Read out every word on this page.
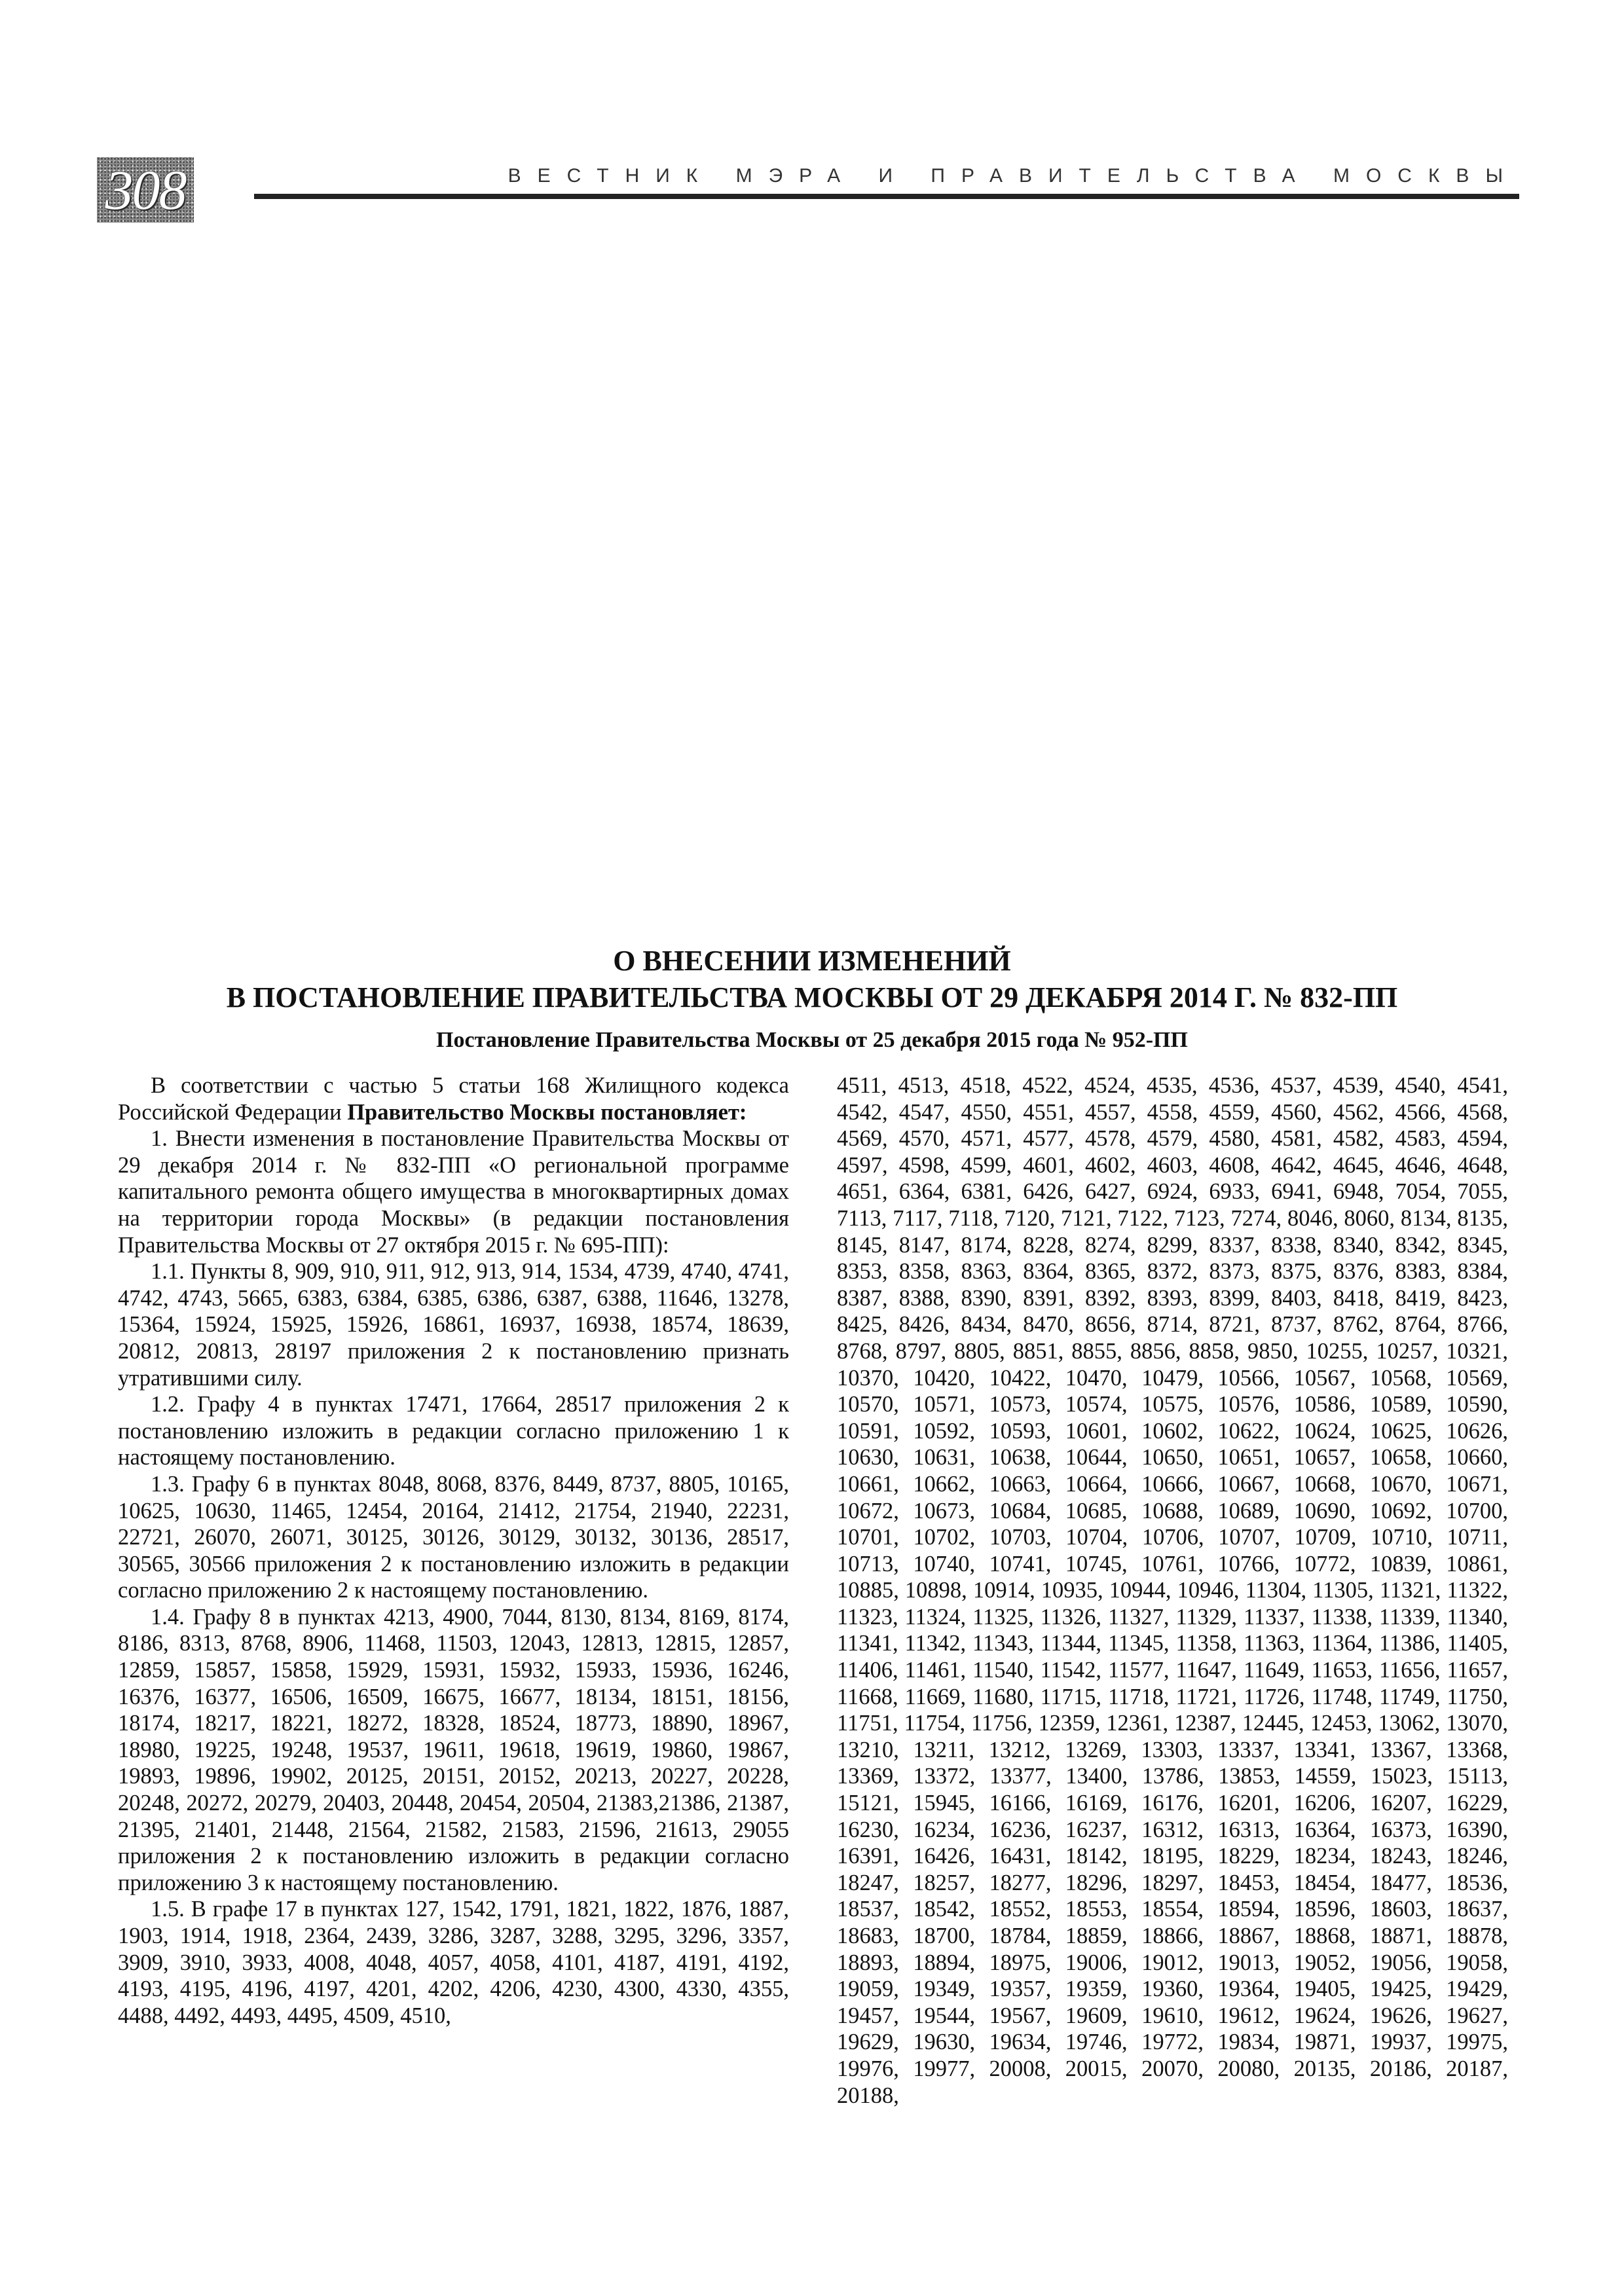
308	ВЕСТНИК МЭРА И ПРАВИТЕЛЬСТВА МОСКВЫ
О ВНЕСЕНИИ ИЗМЕНЕНИЙ
В ПОСТАНОВЛЕНИЕ ПРАВИТЕЛЬСТВА МОСКВЫ ОТ 29 ДЕКАБРЯ 2014 Г. № 832-ПП
Постановление Правительства Москвы от 25 декабря 2015 года № 952-ПП

В соответствии с частью 5 статьи 168 Жилищного кодекса Российской Федерации Правительство Москвы постановляет:

1. Внести изменения в постановление Правительства Москвы от 29 декабря 2014 г. № 832-ПП «О региональной программе капитального ремонта общего имущества в многоквартирных домах на территории города Москвы» (в редакции постановления Правительства Москвы от 27 октября 2015 г. № 695-ПП):

1.1. Пункты 8, 909, 910, 911, 912, 913, 914, 1534, 4739, 4740, 4741, 4742, 4743, 5665, 6383, 6384, 6385, 6386, 6387, 6388, 11646, 13278, 15364, 15924, 15925, 15926, 16861, 16937, 16938, 18574, 18639, 20812, 20813, 28197 приложения 2 к постановлению признать утратившими силу.

1.2. Графу 4 в пунктах 17471, 17664, 28517 приложения 2 к постановлению изложить в редакции согласно приложению 1 к настоящему постановлению.

1.3. Графу 6 в пунктах 8048, 8068, 8376, 8449, 8737, 8805, 10165, 10625, 10630, 11465, 12454, 20164, 21412, 21754, 21940, 22231, 22721, 26070, 26071, 30125, 30126, 30129, 30132, 30136, 28517, 30565, 30566 приложения 2 к постановлению изложить в редакции согласно приложению 2 к настоящему постановлению.

1.4. Графу 8 в пунктах 4213, 4900, 7044, 8130, 8134, 8169, 8174, 8186, 8313, 8768, 8906, 11468, 11503, 12043, 12813, 12815, 12857, 12859, 15857, 15858, 15929, 15931, 15932, 15933, 15936, 16246, 16376, 16377, 16506, 16509, 16675, 16677, 18134, 18151, 18156, 18174, 18217, 18221, 18272, 18328, 18524, 18773, 18890, 18967, 18980, 19225, 19248, 19537, 19611, 19618, 19619, 19860, 19867, 19893, 19896, 19902, 20125, 20151, 20152, 20213, 20227, 20228, 20248, 20272, 20279, 20403, 20448, 20454, 20504, 21383,21386, 21387, 21395, 21401, 21448, 21564, 21582, 21583, 21596, 21613, 29055 приложения 2 к постановлению изложить в редакции согласно приложению 3 к настоящему постановлению.

1.5. В графе 17 в пунктах 127, 1542, 1791, 1821, 1822, 1876, 1887, 1903, 1914, 1918, 2364, 2439, 3286, 3287, 3288, 3295, 3296, 3357, 3909, 3910, 3933, 4008, 4048, 4057, 4058, 4101, 4187, 4191, 4192, 4193, 4195, 4196, 4197, 4201, 4202, 4206, 4230, 4300, 4330, 4355, 4488, 4492, 4493, 4495, 4509, 4510,

4511, 4513, 4518, 4522, 4524, 4535, 4536, 4537, 4539, 4540, 4541, 4542, 4547, 4550, 4551, 4557, 4558, 4559, 4560, 4562, 4566, 4568, 4569, 4570, 4571, 4577, 4578, 4579, 4580, 4581, 4582, 4583, 4594, 4597, 4598, 4599, 4601, 4602, 4603, 4608, 4642, 4645, 4646, 4648, 4651, 6364, 6381, 6426, 6427, 6924, 6933, 6941, 6948, 7054, 7055, 7113, 7117, 7118, 7120, 7121, 7122, 7123, 7274, 8046, 8060, 8134, 8135, 8145, 8147, 8174, 8228, 8274, 8299, 8337, 8338, 8340, 8342, 8345, 8353, 8358, 8363, 8364, 8365, 8372, 8373, 8375, 8376, 8383, 8384, 8387, 8388, 8390, 8391, 8392, 8393, 8399, 8403, 8418, 8419, 8423, 8425, 8426, 8434, 8470, 8656, 8714, 8721, 8737, 8762, 8764, 8766, 8768, 8797, 8805, 8851, 8855, 8856, 8858, 9850, 10255, 10257, 10321, 10370, 10420, 10422, 10470, 10479, 10566, 10567, 10568, 10569, 10570, 10571, 10573, 10574, 10575, 10576, 10586, 10589, 10590, 10591, 10592, 10593, 10601, 10602, 10622, 10624, 10625, 10626, 10630, 10631, 10638, 10644, 10650, 10651, 10657, 10658, 10660, 10661, 10662, 10663, 10664, 10666, 10667, 10668, 10670, 10671, 10672, 10673, 10684, 10685, 10688, 10689, 10690, 10692, 10700, 10701, 10702, 10703, 10704, 10706, 10707, 10709, 10710, 10711, 10713, 10740, 10741, 10745, 10761, 10766, 10772, 10839, 10861, 10885, 10898, 10914, 10935, 10944, 10946, 11304, 11305, 11321, 11322, 11323, 11324, 11325, 11326, 11327, 11329, 11337, 11338, 11339, 11340, 11341, 11342, 11343, 11344, 11345, 11358, 11363, 11364, 11386, 11405, 11406, 11461, 11540, 11542, 11577, 11647, 11649, 11653, 11656, 11657, 11668, 11669, 11680, 11715, 11718, 11721, 11726, 11748, 11749, 11750, 11751, 11754, 11756, 12359, 12361, 12387, 12445, 12453, 13062, 13070, 13210, 13211, 13212, 13269, 13303, 13337, 13341, 13367, 13368, 13369, 13372, 13377, 13400, 13786, 13853, 14559, 15023, 15113, 15121, 15945, 16166, 16169, 16176, 16201, 16206, 16207, 16229, 16230, 16234, 16236, 16237, 16312, 16313, 16364, 16373, 16390, 16391, 16426, 16431, 18142, 18195, 18229, 18234, 18243, 18246, 18247, 18257, 18277, 18296, 18297, 18453, 18454, 18477, 18536, 18537, 18542, 18552, 18553, 18554, 18594, 18596, 18603, 18637, 18683, 18700, 18784, 18859, 18866, 18867, 18868, 18871, 18878, 18893, 18894, 18975, 19006, 19012, 19013, 19052, 19056, 19058, 19059, 19349, 19357, 19359, 19360, 19364, 19405, 19425, 19429, 19457, 19544, 19567, 19609, 19610, 19612, 19624, 19626, 19627, 19629, 19630, 19634, 19746, 19772, 19834, 19871, 19937, 19975, 19976, 19977, 20008, 20015, 20070, 20080, 20135, 20186, 20187, 20188,
